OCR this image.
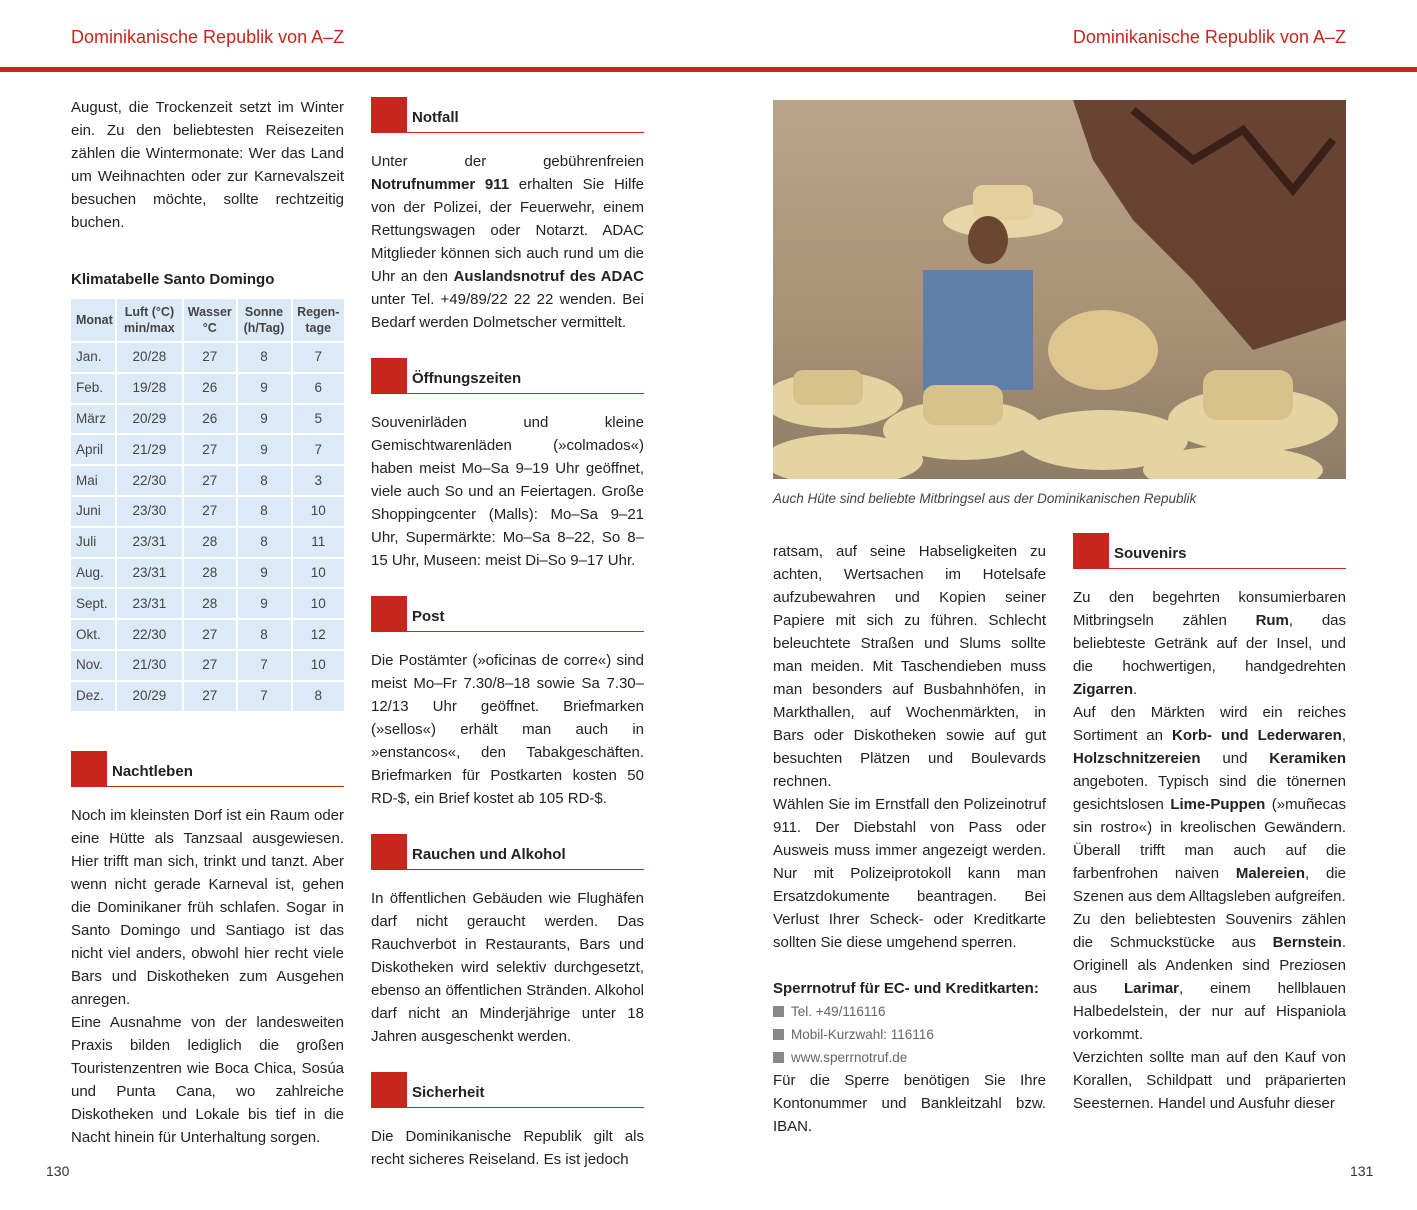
Dominikanische Republik von A–Z	Dominikanische Republik von A–Z

August, die Trockenzeit setzt im Winter ein. Zu den beliebtesten Reisezeiten zählen die Wintermonate: Wer das Land um Weihnachten oder zur Karnevalszeit besuchen möchte, sollte rechtzeitig buchen.

Klimatabelle Santo Domingo
Monat	Luft (°C) min/max	Wasser °C	Sonne (h/Tag)	Regen-tage
Jan.	20/28	27	8	7
Feb.	19/28	26	9	6
März	20/29	26	9	5
April	21/29	27	9	7
Mai	22/30	27	8	3
Juni	23/30	27	8	10
Juli	23/31	28	8	11
Aug.	23/31	28	9	10
Sept.	23/31	28	9	10
Okt.	22/30	27	8	12
Nov.	21/30	27	7	10
Dez.	20/29	27	7	8
Nachtleben

Noch im kleinsten Dorf ist ein Raum oder eine Hütte als Tanzsaal ausgewiesen. Hier trifft man sich, trinkt und tanzt. Aber wenn nicht gerade Karneval ist, gehen die Dominikaner früh schlafen. Sogar in Santo Domingo und Santiago ist das nicht viel anders, obwohl hier recht viele Bars und Diskotheken zum Ausgehen anregen.

Eine Ausnahme von der landesweiten Praxis bilden lediglich die großen Touristenzentren wie Boca Chica, Sosúa und Punta Cana, wo zahlreiche Diskotheken und Lokale bis tief in die Nacht hinein für Unterhaltung sorgen.

Notfall

Unter der gebührenfreien Notrufnummer 911 erhalten Sie Hilfe von der Polizei, der Feuerwehr, einem Rettungswagen oder Notarzt. ADAC Mitglieder können sich auch rund um die Uhr an den Auslandsnotruf des ADAC unter Tel. +49/89/22 22 22 wenden. Bei Bedarf werden Dolmetscher vermittelt.

Öffnungszeiten

Souvenirläden und kleine Gemischtwarenläden (»colmados«) haben meist Mo–Sa 9–19 Uhr geöffnet, viele auch So und an Feiertagen. Große Shoppingcenter (Malls): Mo–Sa 9–21 Uhr, Supermärkte: Mo–Sa 8–22, So 8–15 Uhr, Museen: meist Di–So 9–17 Uhr.

Post

Die Postämter (»oficinas de corre«) sind meist Mo–Fr 7.30/8–18 sowie Sa 7.30–12/13 Uhr geöffnet. Briefmarken (»sellos«) erhält man auch in »enstancos«, den Tabakgeschäften. Briefmarken für Postkarten kosten 50 RD-$, ein Brief kostet ab 105 RD-$.

Rauchen und Alkohol

In öffentlichen Gebäuden wie Flughäfen darf nicht geraucht werden. Das Rauchverbot in Restaurants, Bars und Diskotheken wird selektiv durchgesetzt, ebenso an öffentlichen Stränden. Alkohol darf nicht an Minderjährige unter 18 Jahren ausgeschenkt werden.

Sicherheit

Die Dominikanische Republik gilt als recht sicheres Reiseland. Es ist jedoch

Auch Hüte sind beliebte Mitbringsel aus der Dominikanischen Republik

ratsam, auf seine Habseligkeiten zu achten, Wertsachen im Hotelsafe aufzubewahren und Kopien seiner Papiere mit sich zu führen. Schlecht beleuchtete Straßen und Slums sollte man meiden. Mit Taschendieben muss man besonders auf Busbahnhöfen, in Markthallen, auf Wochenmärkten, in Bars oder Diskotheken sowie auf gut besuchten Plätzen und Boulevards rechnen.

Wählen Sie im Ernstfall den Polizeinotruf 911. Der Diebstahl von Pass oder Ausweis muss immer angezeigt werden. Nur mit Polizeiprotokoll kann man Ersatzdokumente beantragen. Bei Verlust Ihrer Scheck- oder Kreditkarte sollten Sie diese umgehend sperren.

Sperrnotruf für EC- und Kreditkarten:

Tel. +49/116116
Mobil-Kurzwahl: 116116
www.sperrnotruf.de

Für die Sperre benötigen Sie Ihre Kontonummer und Bankleitzahl bzw. IBAN.

Souvenirs

Zu den begehrten konsumierbaren Mitbringseln zählen Rum, das beliebteste Getränk auf der Insel, und die hochwertigen, handgedrehten Zigarren.

Auf den Märkten wird ein reiches Sortiment an Korb- und Lederwaren, Holzschnitzereien und Keramiken angeboten. Typisch sind die tönernen gesichtslosen Lime-Puppen (»muñecas sin rostro«) in kreolischen Gewändern. Überall trifft man auch auf die farbenfrohen naiven Malereien, die Szenen aus dem Alltagsleben aufgreifen.

Zu den beliebtesten Souvenirs zählen die Schmuckstücke aus Bernstein. Originell als Andenken sind Preziosen aus Larimar, einem hellblauen Halbedelstein, der nur auf Hispaniola vorkommt.

Verzichten sollte man auf den Kauf von Korallen, Schildpatt und präparierten Seesternen. Handel und Ausfuhr dieser

130	131
